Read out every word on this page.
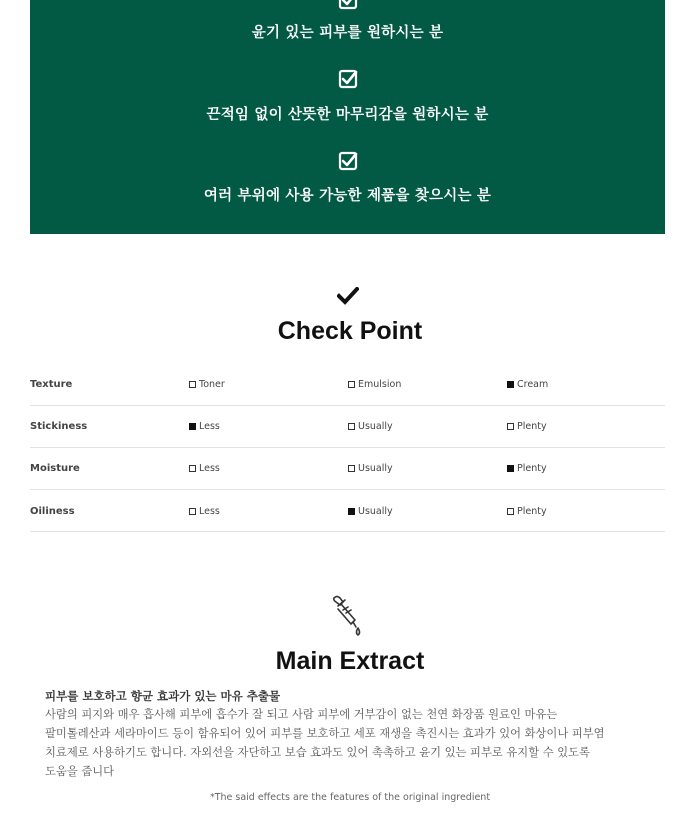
윤기 있는 피부를 원하시는 분
끈적임 없이 산뜻한 마무리감을 원하시는 분
여러 부위에 사용 가능한 제품을 찾으시는 분
Check Point
Texture	Toner	Emulsion	Cream
Stickiness	Less	Usually	Plenty
Moisture	Less	Usually	Plenty
Oiliness	Less	Usually	Plenty
Main Extract
피부를 보호하고 향균 효과가 있는 마유 추출물
사람의 피지와 매우 흡사해 피부에 흡수가 잘 되고 사람 피부에 거부감이 없는 천연 화장품 원료인 마유는
팔미톨레산과 세라마이드 등이 함유되어 있어 피부를 보호하고 세포 재생을 촉진시는 효과가 있어 화상이나 피부염
치료제로 사용하기도 합니다. 자외선을 자단하고 보습 효과도 있어 촉촉하고 윤기 있는 피부로 유지할 수 있도록
도움을 줍니다
*The said effects are the features of the original ingredient
